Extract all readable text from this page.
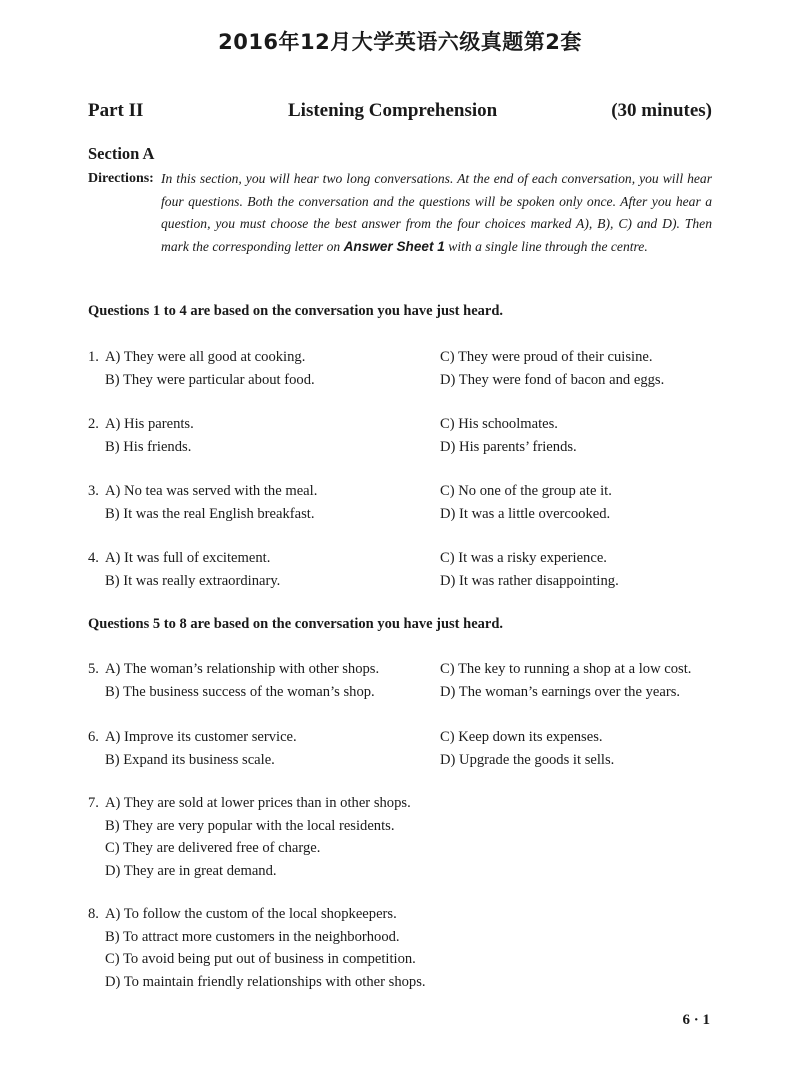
2016年12月大学英语六级真题第2套
Part II	Listening Comprehension	(30 minutes)
Section A
Directions: In this section, you will hear two long conversations. At the end of each conversation, you will hear four questions. Both the conversation and the questions will be spoken only once. After you hear a question, you must choose the best answer from the four choices marked A), B), C) and D). Then mark the corresponding letter on Answer Sheet 1 with a single line through the centre.
Questions 1 to 4 are based on the conversation you have just heard.
1. A) They were all good at cooking.	C) They were proud of their cuisine.
B) They were particular about food.	D) They were fond of bacon and eggs.
2. A) His parents.	C) His schoolmates.
B) His friends.	D) His parents’ friends.
3. A) No tea was served with the meal.	C) No one of the group ate it.
B) It was the real English breakfast.	D) It was a little overcooked.
4. A) It was full of excitement.	C) It was a risky experience.
B) It was really extraordinary.	D) It was rather disappointing.
Questions 5 to 8 are based on the conversation you have just heard.
5. A) The woman’s relationship with other shops.	C) The key to running a shop at a low cost.
B) The business success of the woman’s shop.	D) The woman’s earnings over the years.
6. A) Improve its customer service.	C) Keep down its expenses.
B) Expand its business scale.	D) Upgrade the goods it sells.
7. A) They are sold at lower prices than in other shops.
B) They are very popular with the local residents.
C) They are delivered free of charge.
D) They are in great demand.
8. A) To follow the custom of the local shopkeepers.
B) To attract more customers in the neighborhood.
C) To avoid being put out of business in competition.
D) To maintain friendly relationships with other shops.
6 · 1
